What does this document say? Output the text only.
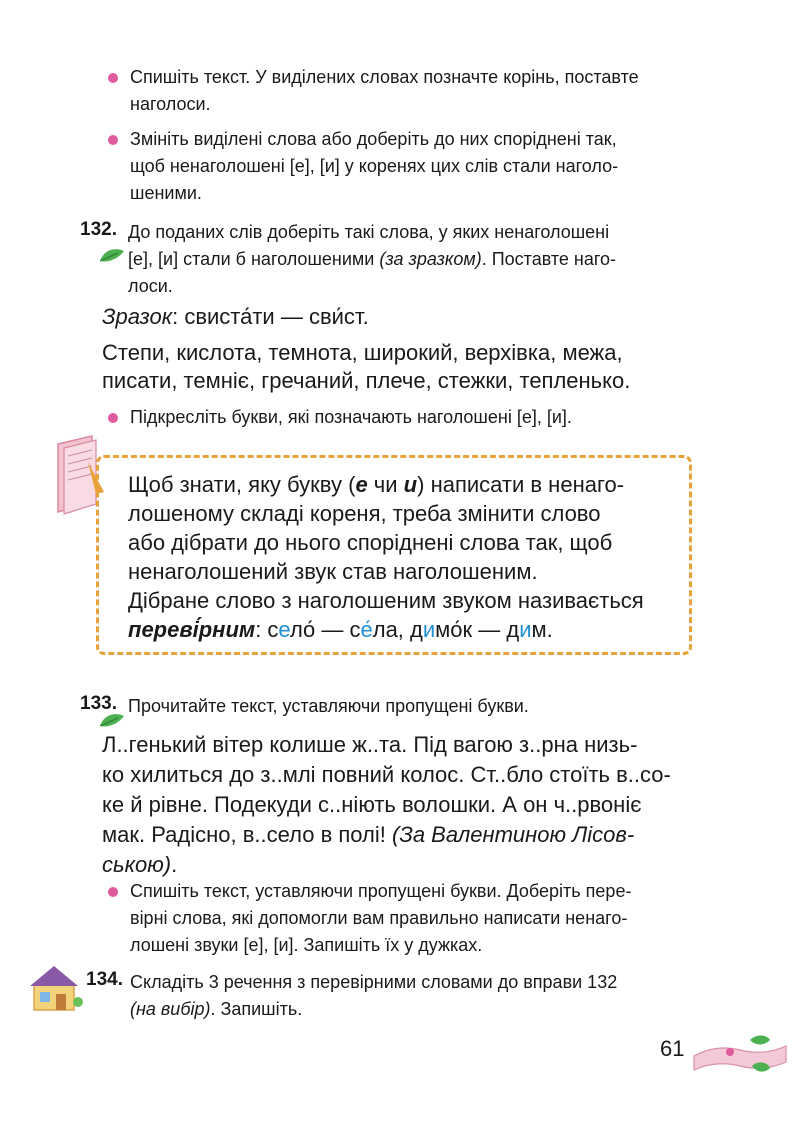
Спишіть текст. У виділених словах позначте корінь, поставте
наголоси.
Змініть виділені слова або доберіть до них споріднені так,
щоб ненаголошені [е], [и] у коренях цих слів стали наголо-
шеними.
132. До поданих слів доберіть такі слова, у яких ненаголошені
[е], [и] стали б наголошеними (за зразком). Поставте наго-
лоси.
Зразок: свиста́ти — сви́ст.
Степи, кислота, темнота, широкий, верхівка, межа,
писати, темніє, гречаний, плече, стежки, тепленько.
Підкресліть букви, які позначають наголошені [е], [и].
Щоб знати, яку букву (е чи и) написати в ненаго-
лошеному складі кореня, треба змінити слово
або дібрати до нього споріднені слова так, щоб
ненаголошений звук став наголошеним.
Дібране слово з наголошеним звуком називається
переві́рним: село́ — се́ла, димо́к — дим.
133. Прочитайте текст, уставляючи пропущені букви.
Л..генький вітер колише ж..та. Під вагою з..рна низь-
ко хилиться до з..млі повний колос. Ст..бло стоїть в..со-
ке й рівне. Подекуди с..ніють волошки. А он ч..рвоніє
мак. Радісно, в..село в полі! (За Валентиною Лісов-
ською).
Спишіть текст, уставляючи пропущені букви. Доберіть пере-
вірні слова, які допомогли вам правильно написати ненаго-
лошені звуки [е], [и]. Запишіть їх у дужках.
134. Складіть 3 речення з перевірними словами до вправи 132
(на вибір). Запишіть.
61
